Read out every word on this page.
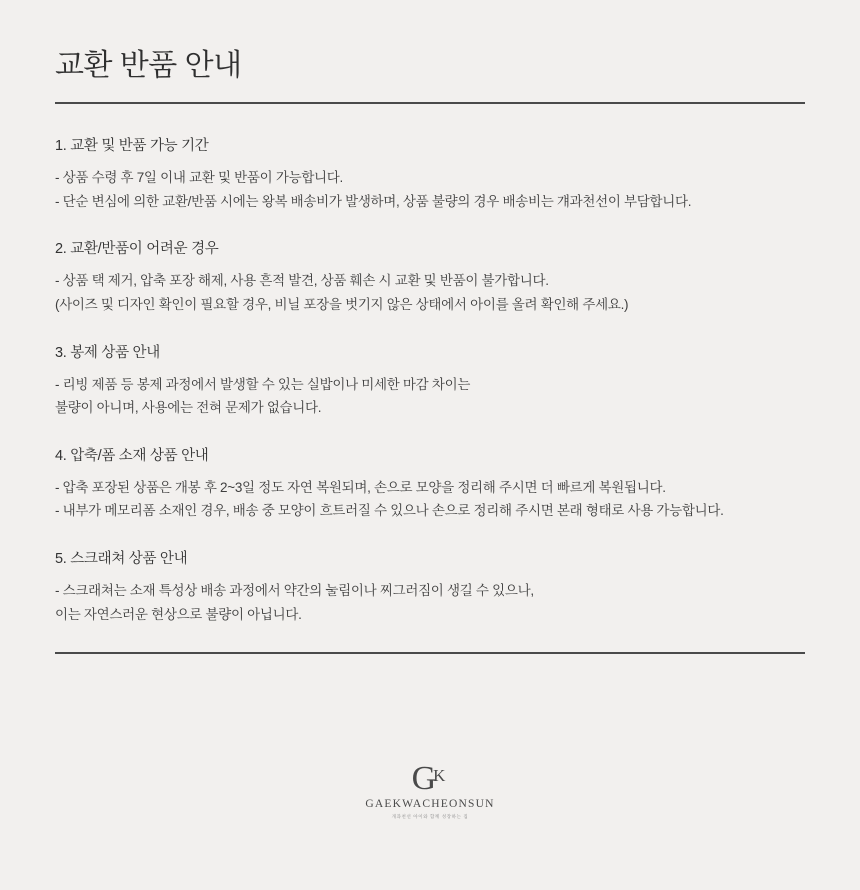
교환 반품 안내

1. 교환 및 반품 가능 기간

- 상품 수령 후 7일 이내 교환 및 반품이 가능합니다.

- 단순 변심에 의한 교환/반품 시에는 왕복 배송비가 발생하며, 상품 불량의 경우 배송비는 걔과천선이 부담합니다.

2. 교환/반품이 어려운 경우

- 상품 택 제거, 압축 포장 해제, 사용 흔적 발견, 상품 훼손 시 교환 및 반품이 불가합니다.

(사이즈 및 디자인 확인이 필요할 경우, 비닐 포장을 벗기지 않은 상태에서 아이를 올려 확인해 주세요.)

3. 봉제 상품 안내

- 리빙 제품 등 봉제 과정에서 발생할 수 있는 실밥이나 미세한 마감 차이는

불량이 아니며, 사용에는 전혀 문제가 없습니다.

4. 압축/폼 소재 상품 안내

- 압축 포장된 상품은 개봉 후 2~3일 정도 자연 복원되며, 손으로 모양을 정리해 주시면 더 빠르게 복원됩니다.

- 내부가 메모리폼 소재인 경우, 배송 중 모양이 흐트러질 수 있으나 손으로 정리해 주시면 본래 형태로 사용 가능합니다.

5. 스크래쳐 상품 안내

- 스크래쳐는 소재 특성상 배송 과정에서 약간의 눌림이나 찌그러짐이 생길 수 있으나,

이는 자연스러운 현상으로 불량이 아닙니다.

GK
GAEKWACHEONSUN
개과천선 아이와 함께 성장하는 집
